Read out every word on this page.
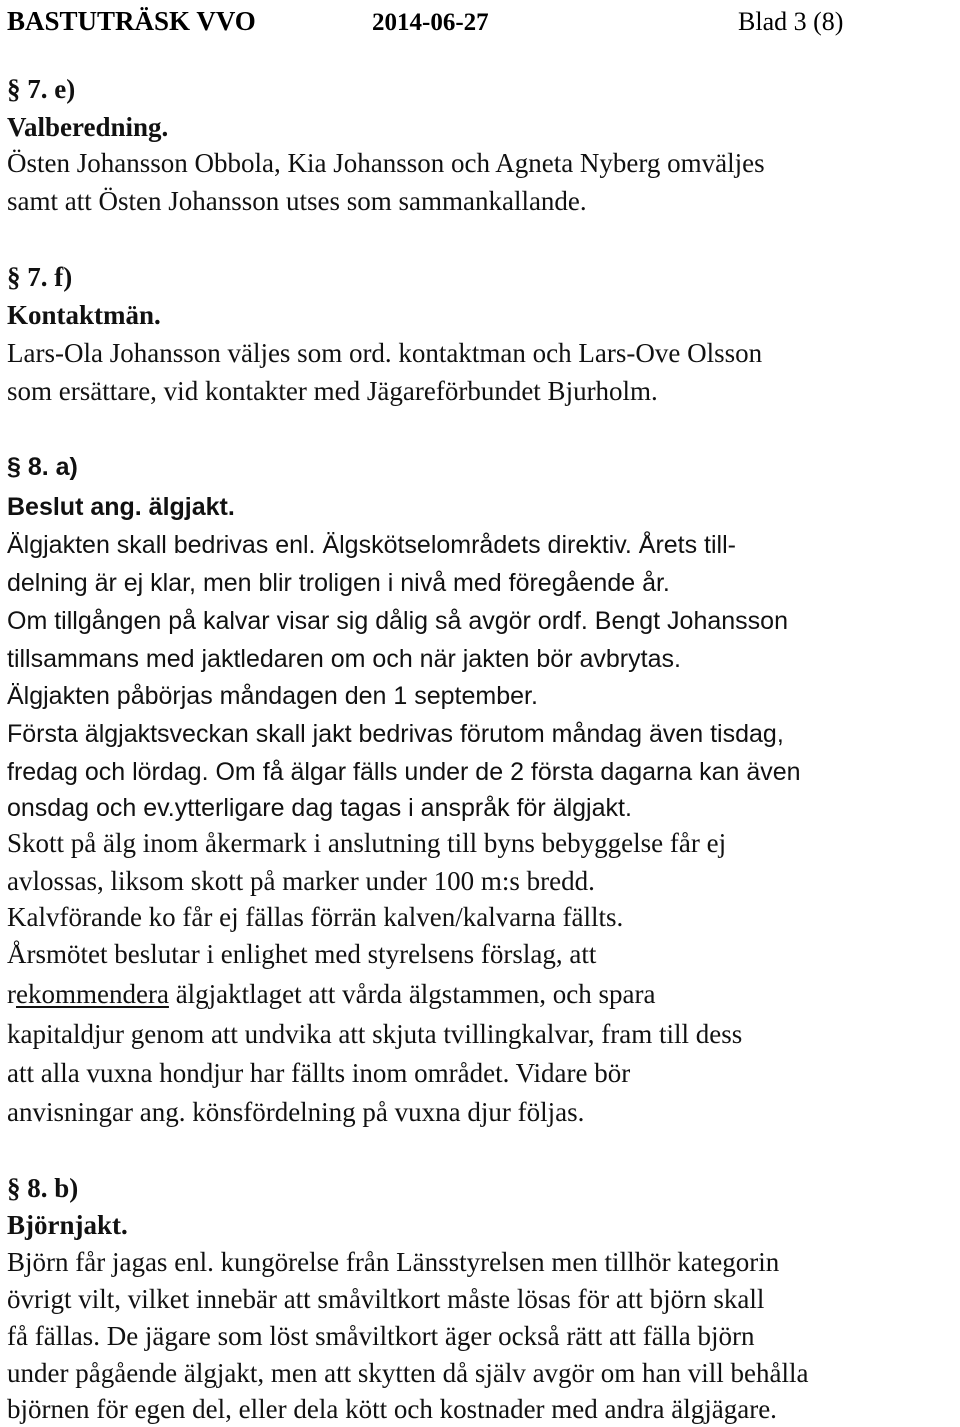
BASTUTRÄSK VVO	2014-06-27	Blad 3 (8)

§ 7. e)

Valberedning.

Östen Johansson Obbola, Kia Johansson och Agneta Nyberg omväljes

samt att Östen Johansson utses som sammankallande.

§ 7. f)

Kontaktmän.

Lars-Ola Johansson väljes som ord. kontaktman och Lars-Ove Olsson

som ersättare, vid kontakter med Jägareförbundet Bjurholm.

§ 8. a)

Beslut ang. älgjakt.

Älgjakten skall bedrivas enl. Älgskötselområdets direktiv. Årets till-

delning är ej klar, men blir troligen i nivå med föregående år.

Om tillgången på kalvar visar sig dålig så avgör ordf. Bengt Johansson

tillsammans med jaktledaren om och när jakten bör avbrytas.

Älgjakten påbörjas måndagen den 1 september.

Första älgjaktsveckan skall jakt bedrivas förutom måndag även tisdag,

fredag och lördag. Om få älgar fälls under de 2 första dagarna kan även

onsdag och ev.ytterligare dag tagas i anspråk för älgjakt.

Skott på älg inom åkermark i anslutning till byns bebyggelse får ej

avlossas, liksom skott på marker under 100 m:s bredd.

Kalvförande ko får ej fällas förrän kalven/kalvarna fällts.

Årsmötet beslutar i enlighet med styrelsens förslag, att

rekommendera älgjaktlaget att vårda älgstammen, och spara

kapitaldjur genom att undvika att skjuta tvillingkalvar, fram till dess

att alla vuxna hondjur har fällts inom området. Vidare bör

anvisningar ang. könsfördelning på vuxna djur följas.

§ 8. b)

Björnjakt.

Björn får jagas enl. kungörelse från Länsstyrelsen men tillhör kategorin

övrigt vilt, vilket innebär att småviltkort måste lösas för att björn skall

få fällas. De jägare som löst småviltkort äger också rätt att fälla björn

under pågående älgjakt, men att skytten då själv avgör om han vill behålla

björnen för egen del, eller dela kött och kostnader med andra älgjägare.
